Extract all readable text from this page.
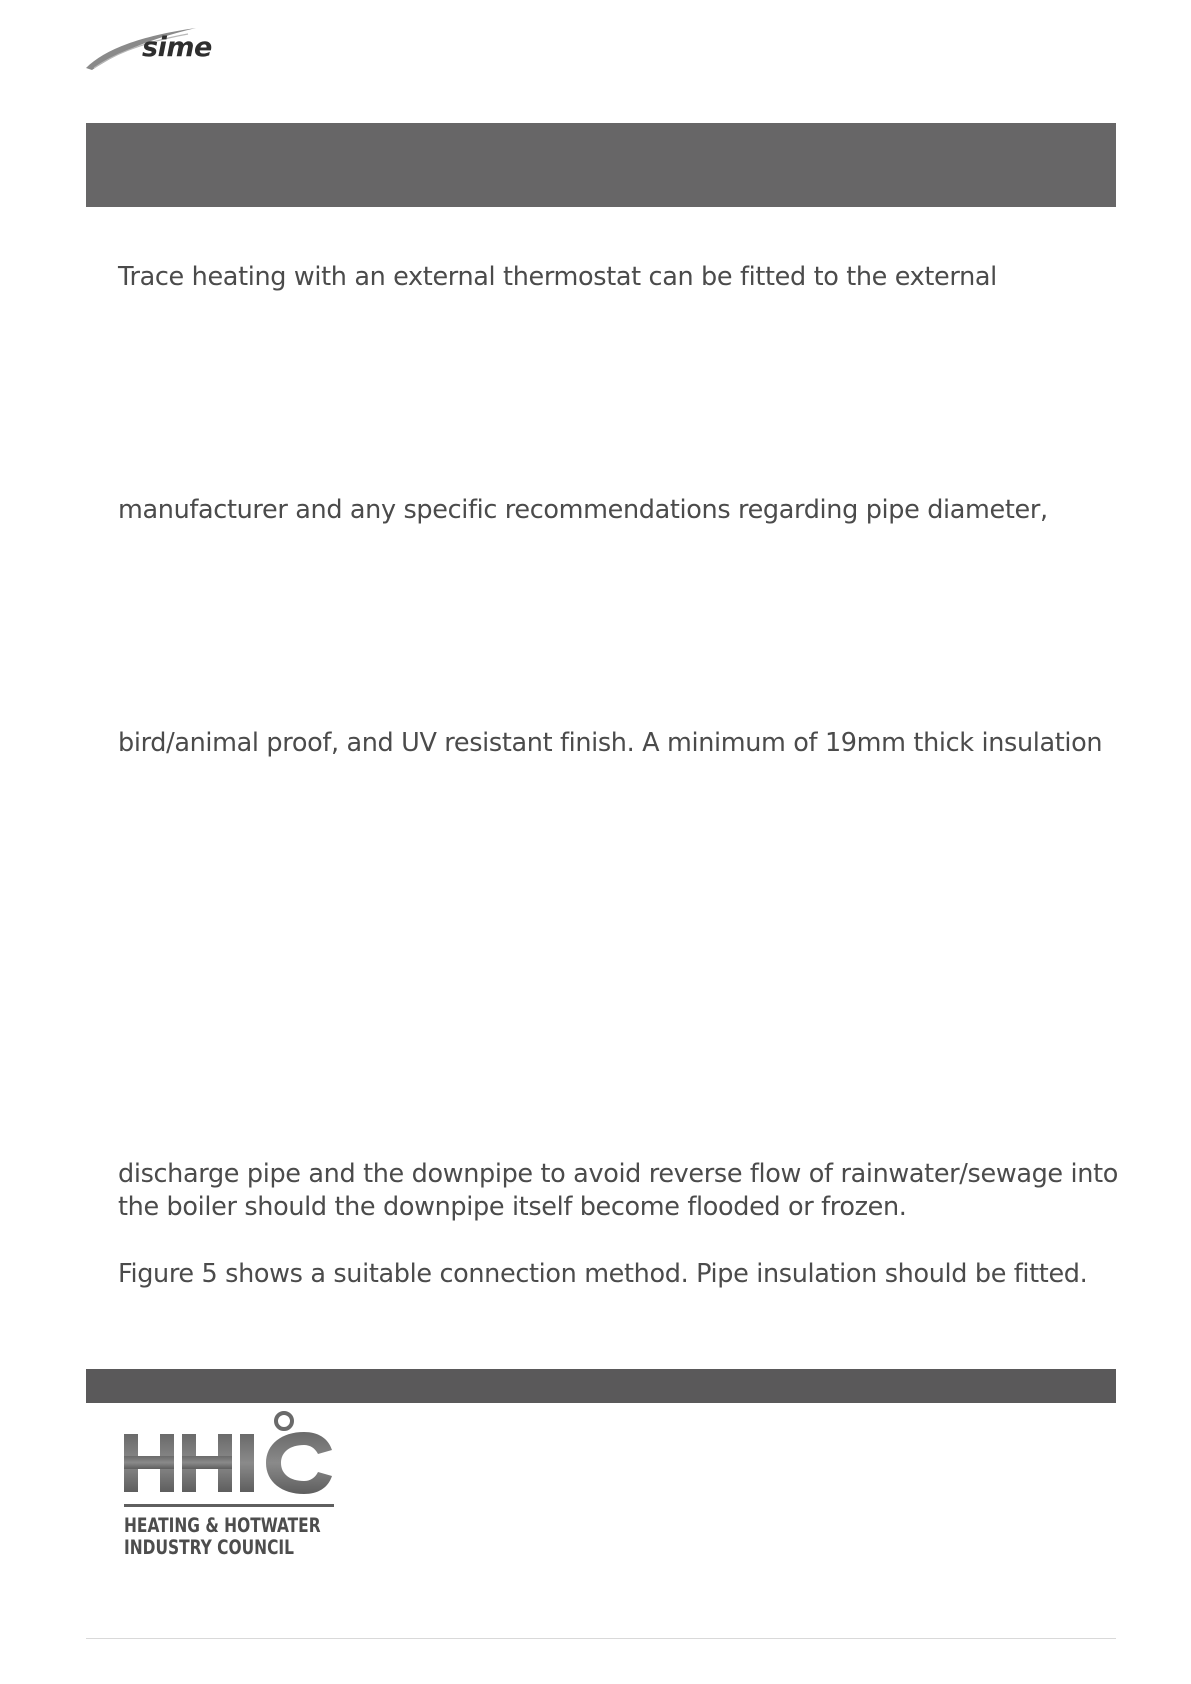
sime
Trace heating with an external thermostat can be fitted to the external
manufacturer and any specific recommendations regarding pipe diameter,
bird/animal proof, and UV resistant finish. A minimum of 19mm thick insulation
discharge pipe and the downpipe to avoid reverse flow of rainwater/sewage into
the boiler should the downpipe itself become flooded or frozen.
Figure 5 shows a suitable connection method. Pipe insulation should be fitted.
HEATING & HOTWATER
INDUSTRY COUNCIL
